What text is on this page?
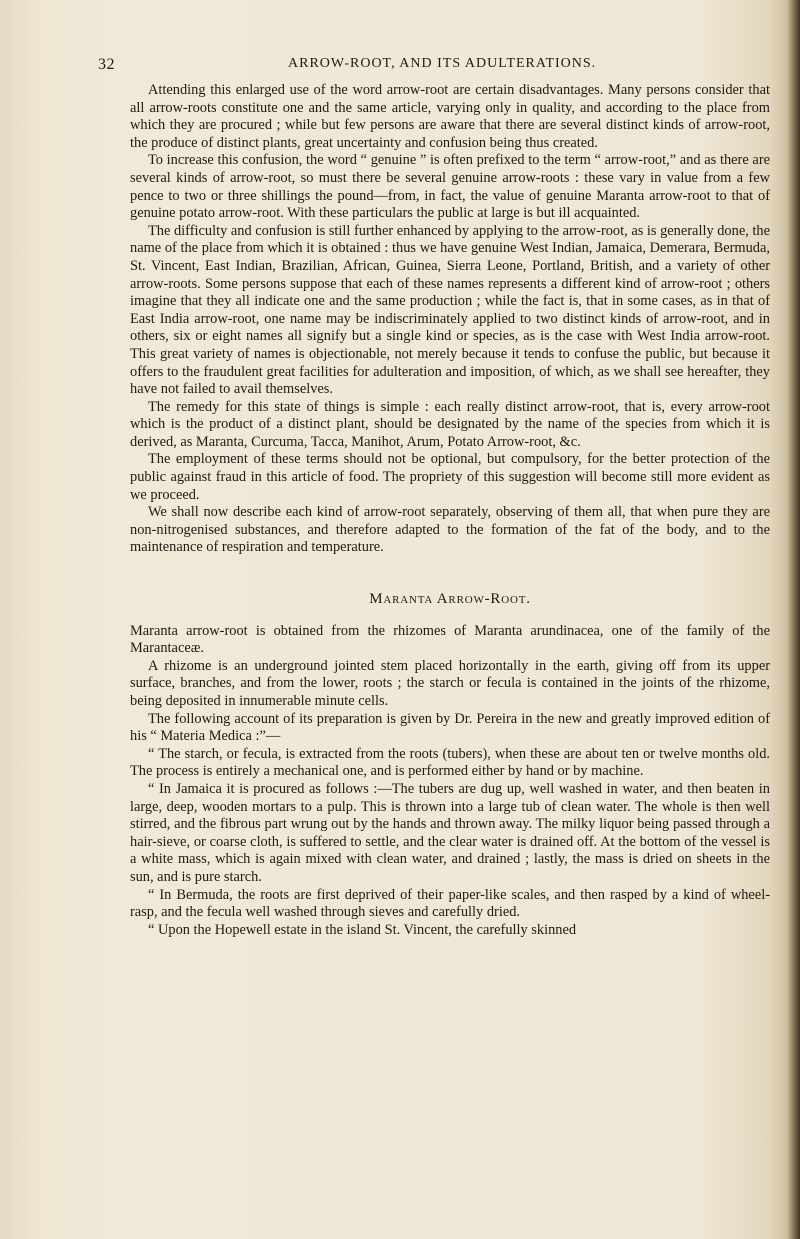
32	ARROW-ROOT, AND ITS ADULTERATIONS.

Attending this enlarged use of the word arrow-root are certain disadvantages. Many persons consider that all arrow-roots constitute one and the same article, varying only in quality, and according to the place from which they are procured ; while but few persons are aware that there are several distinct kinds of arrow-root, the produce of distinct plants, great uncertainty and confusion being thus created.

To increase this confusion, the word “ genuine ” is often prefixed to the term “ arrow-root,” and as there are several kinds of arrow-root, so must there be several genuine arrow-roots : these vary in value from a few pence to two or three shillings the pound—from, in fact, the value of genuine Maranta arrow-root to that of genuine potato arrow-root. With these particulars the public at large is but ill acquainted.

The difficulty and confusion is still further enhanced by applying to the arrow-root, as is generally done, the name of the place from which it is obtained : thus we have genuine West Indian, Jamaica, Demerara, Bermuda, St. Vincent, East Indian, Brazilian, African, Guinea, Sierra Leone, Portland, British, and a variety of other arrow-roots. Some persons suppose that each of these names represents a different kind of arrow-root ; others imagine that they all indicate one and the same production ; while the fact is, that in some cases, as in that of East India arrow-root, one name may be indiscriminately applied to two distinct kinds of arrow-root, and in others, six or eight names all signify but a single kind or species, as is the case with West India arrow-root. This great variety of names is objectionable, not merely because it tends to confuse the public, but because it offers to the fraudulent great facilities for adulteration and imposition, of which, as we shall see hereafter, they have not failed to avail themselves.

The remedy for this state of things is simple : each really distinct arrow-root, that is, every arrow-root which is the product of a distinct plant, should be designated by the name of the species from which it is derived, as Maranta, Curcuma, Tacca, Manihot, Arum, Potato Arrow-root, &c.

The employment of these terms should not be optional, but compulsory, for the better protection of the public against fraud in this article of food. The propriety of this suggestion will become still more evident as we proceed.

We shall now describe each kind of arrow-root separately, observing of them all, that when pure they are non-nitrogenised substances, and therefore adapted to the formation of the fat of the body, and to the maintenance of respiration and temperature.

Maranta Arrow-Root.

Maranta arrow-root is obtained from the rhizomes of Maranta arundinacea, one of the family of the Marantaceæ.

A rhizome is an underground jointed stem placed horizontally in the earth, giving off from its upper surface, branches, and from the lower, roots ; the starch or fecula is contained in the joints of the rhizome, being deposited in innumerable minute cells.

The following account of its preparation is given by Dr. Pereira in the new and greatly improved edition of his “ Materia Medica :”—

“ The starch, or fecula, is extracted from the roots (tubers), when these are about ten or twelve months old. The process is entirely a mechanical one, and is performed either by hand or by machine.

“ In Jamaica it is procured as follows :—The tubers are dug up, well washed in water, and then beaten in large, deep, wooden mortars to a pulp. This is thrown into a large tub of clean water. The whole is then well stirred, and the fibrous part wrung out by the hands and thrown away. The milky liquor being passed through a hair-sieve, or coarse cloth, is suffered to settle, and the clear water is drained off. At the bottom of the vessel is a white mass, which is again mixed with clean water, and drained ; lastly, the mass is dried on sheets in the sun, and is pure starch.

“ In Bermuda, the roots are first deprived of their paper-like scales, and then rasped by a kind of wheel-rasp, and the fecula well washed through sieves and carefully dried.

“ Upon the Hopewell estate in the island St. Vincent, the carefully skinned
